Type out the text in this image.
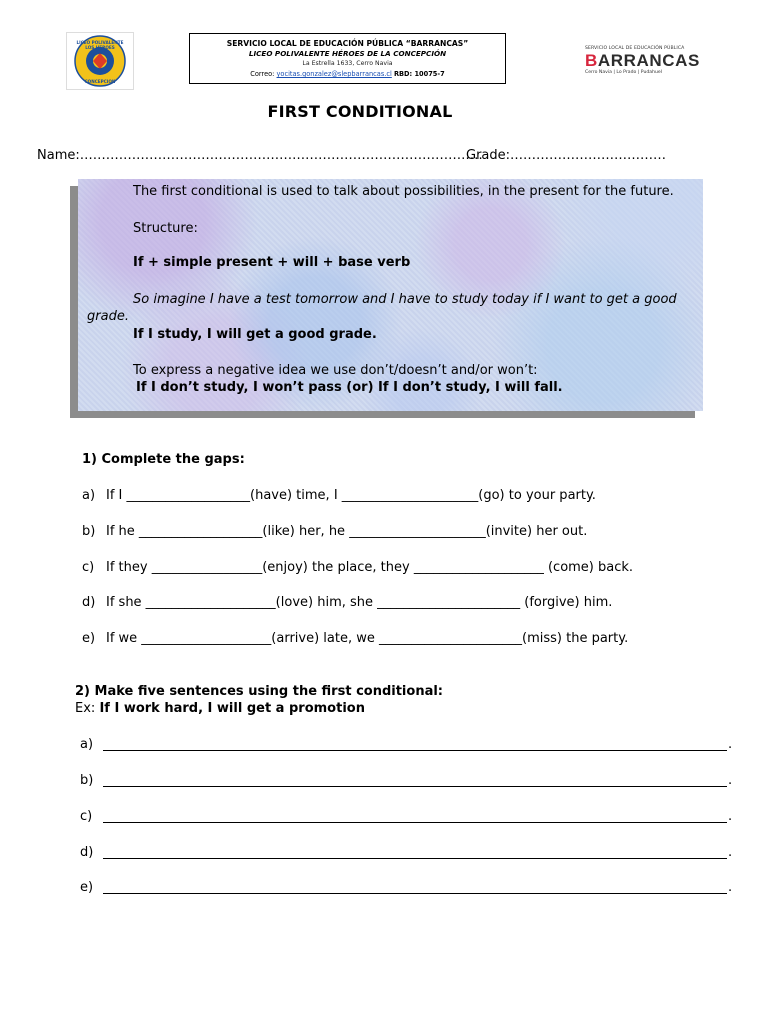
LICEO POLIVALENTE
LOS HEROES
CONCEPCION
SERVICIO LOCAL DE EDUCACIÓN PÚBLICA “BARRANCAS”
LICEO POLIVALENTE HÉROES DE LA CONCEPCIÓN
La Estrella 1633, Cerro Navia
Correo: yocitas.gonzalez@slepbarrancas.cl RBD: 10075-7
SERVICIO LOCAL DE EDUCACIÓN PÚBLICA
BARRANCAS
Cerro Navia | Lo Prado | Pudahuel
FIRST CONDITIONAL
Name:…………………………………………………………………………………
Grade:………………………………
The first conditional is used to talk about possibilities, in the present for the future.
Structure:
If + simple present + will + base verb
So imagine I have a test tomorrow and I have to study today if I want to get a good
grade.
If I study, I will get a good grade.
To express a negative idea we use don’t/doesn’t and/or won’t:
If I don’t study, I won’t pass (or) If I don’t study, I will fall.
1) Complete the gaps:
a) If I ___________________(have) time, I _____________________(go) to your party.
b) If he ___________________(like) her, he _____________________(invite) her out.
c) If they _________________(enjoy) the place, they ____________________ (come) back.
d) If she ____________________(love) him, she ______________________ (forgive) him.
e) If we ____________________(arrive) late, we ______________________(miss) the party.
2) Make five sentences using the first conditional:
Ex: If I work hard, I will get a promotion
a)	.
b)	.
c)	.
d)	.
e)	.
